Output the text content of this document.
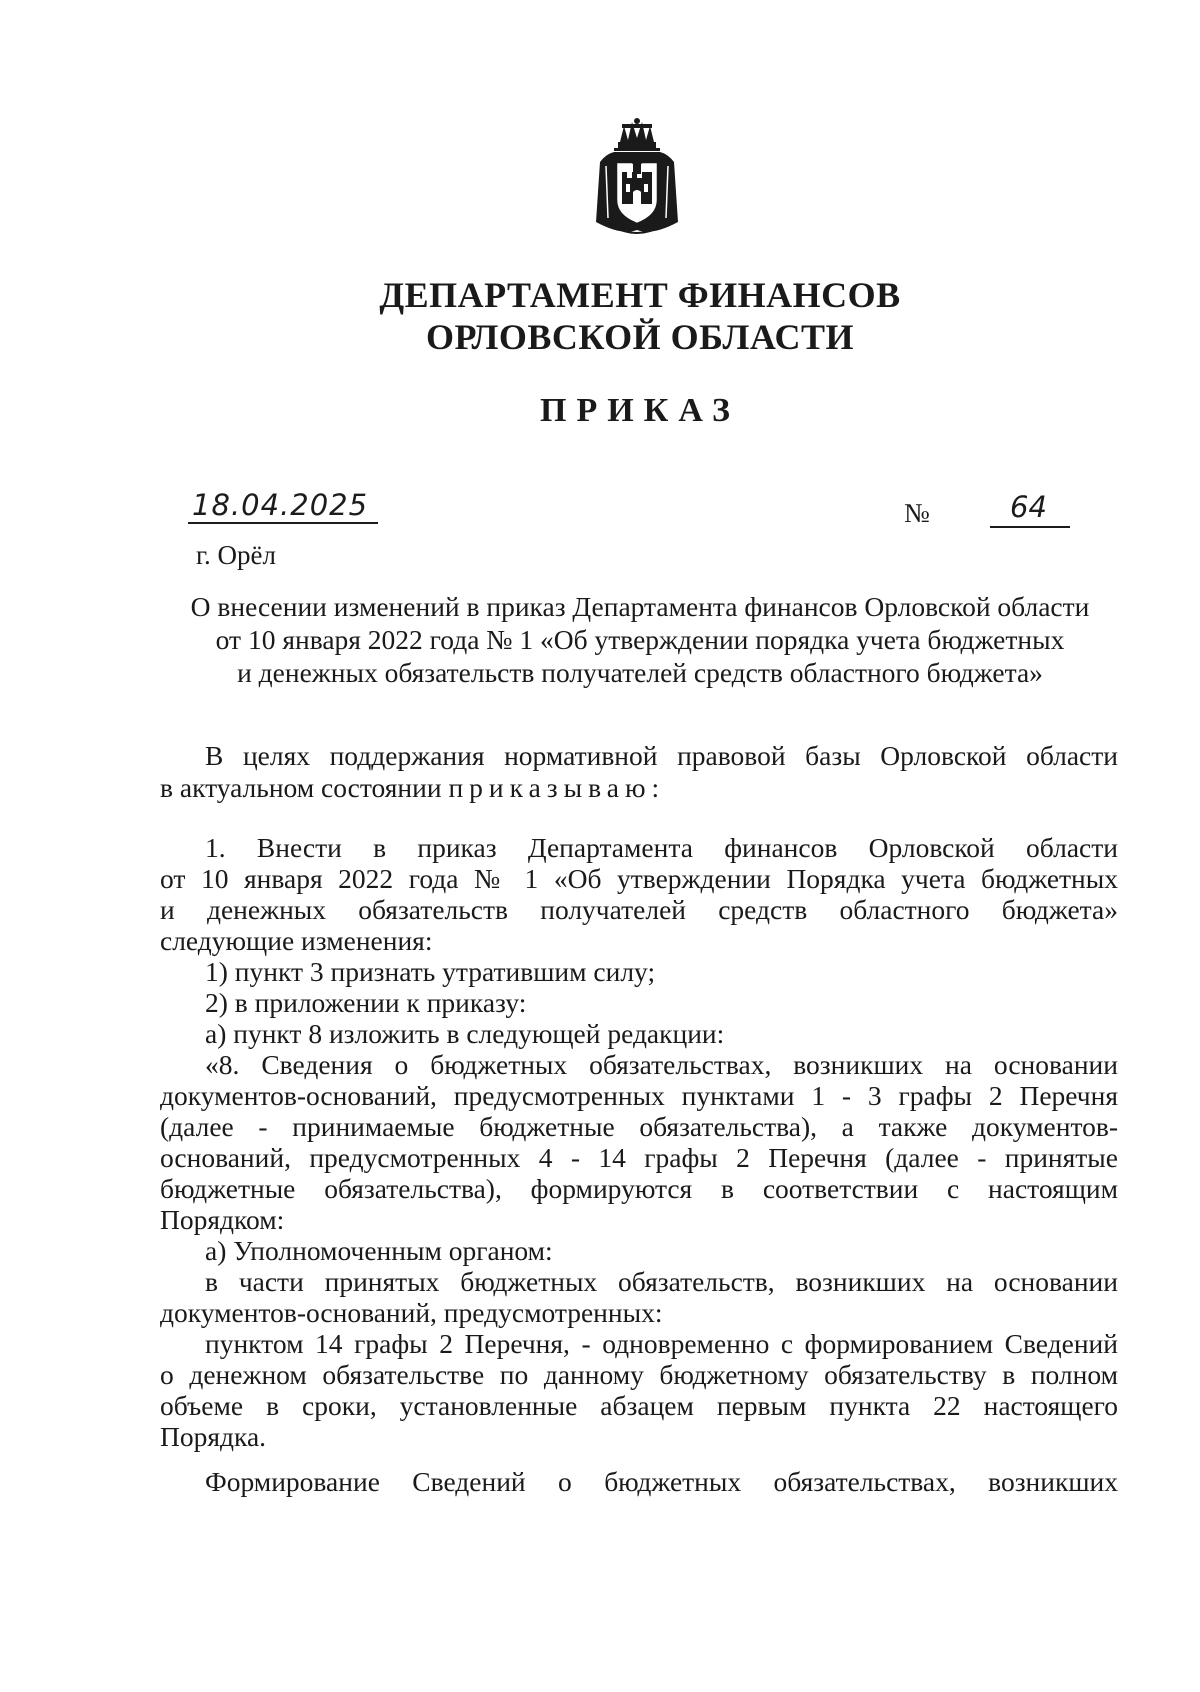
ДЕПАРТАМЕНТ ФИНАНСОВ
ОРЛОВСКОЙ ОБЛАСТИ
ПРИКАЗ
18.04.2025	№	64
г. Орёл
О внесении изменений в приказ Департамента финансов Орловской области
от 10 января 2022 года № 1 «Об утверждении порядка учета бюджетных
и денежных обязательств получателей средств областного бюджета»
В целях поддержания нормативной правовой базы Орловской области
в актуальном состоянии приказываю:
1. Внести в приказ Департамента финансов Орловской области
от 10 января 2022 года № 1 «Об утверждении Порядка учета бюджетных
и денежных обязательств получателей средств областного бюджета»
следующие изменения:
1) пункт 3 признать утратившим силу;
2) в приложении к приказу:
а) пункт 8 изложить в следующей редакции:
«8. Сведения о бюджетных обязательствах, возникших на основании
документов-оснований, предусмотренных пунктами 1 - 3 графы 2 Перечня
(далее - принимаемые бюджетные обязательства), а также документов-
оснований, предусмотренных 4 - 14 графы 2 Перечня (далее - принятые
бюджетные обязательства), формируются в соответствии с настоящим
Порядком:
а) Уполномоченным органом:
в части принятых бюджетных обязательств, возникших на основании
документов-оснований, предусмотренных:
пунктом 14 графы 2 Перечня, - одновременно с формированием Сведений
о денежном обязательстве по данному бюджетному обязательству в полном
объеме в сроки, установленные абзацем первым пункта 22 настоящего
Порядка.
Формирование Сведений о бюджетных обязательствах, возникших
